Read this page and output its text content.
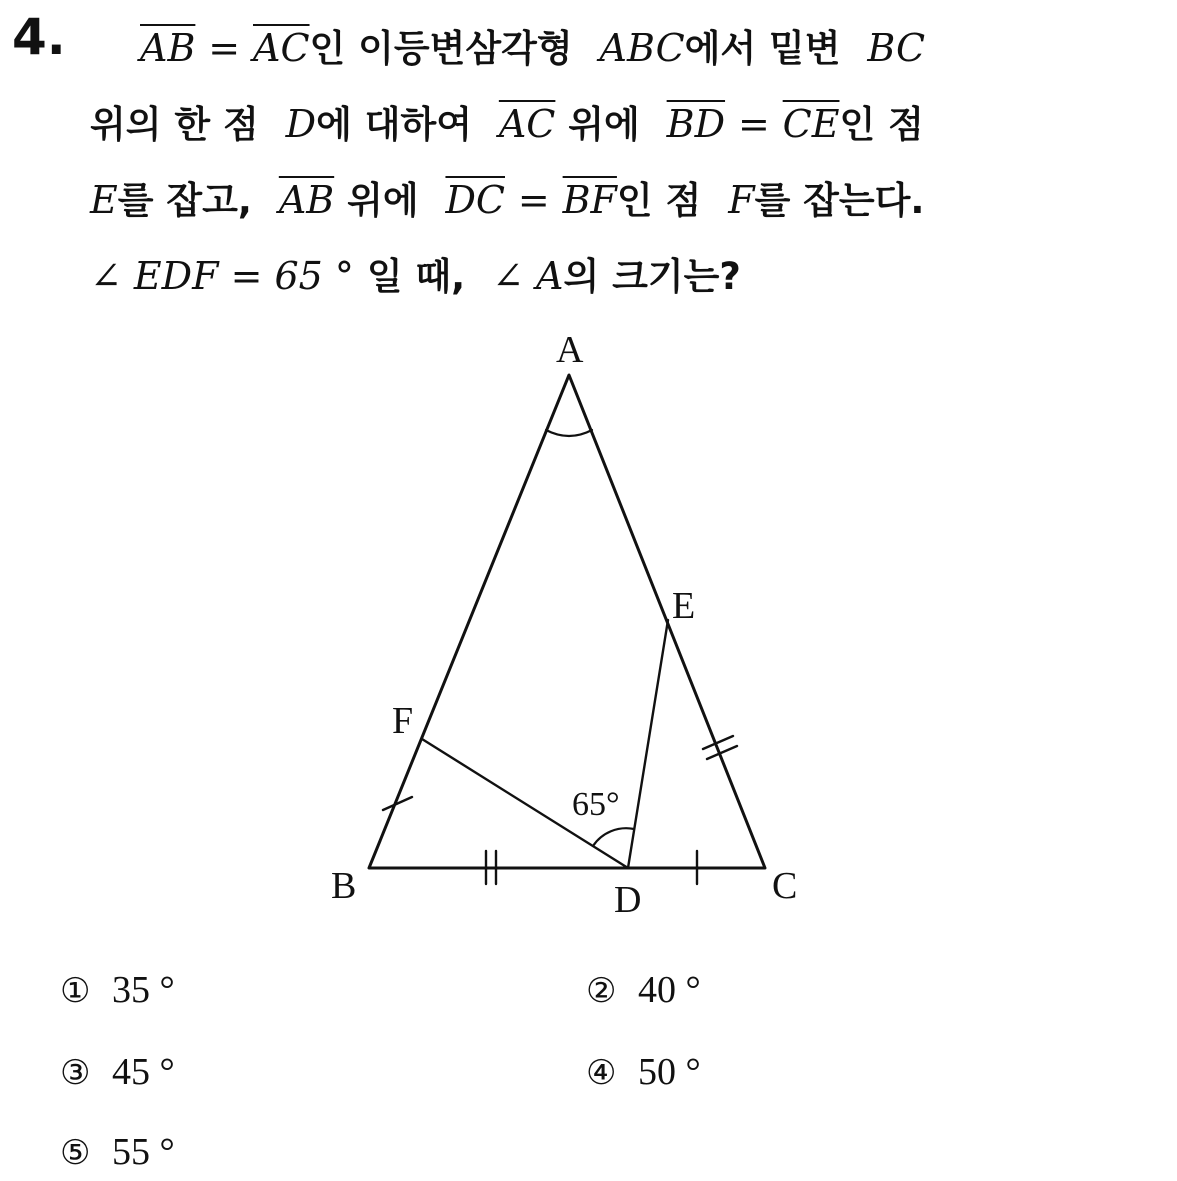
4.	$\overline{AB} = \overline{AC}$인 이등변삼각형 ABC에서 밑변 BC
위의 한 점 D에 대하여 $\overline{AC}$ 위에 $\overline{BD} = \overline{CE}$인 점
E를 잡고, $\overline{AB}$ 위에 $\overline{DC} = \overline{BF}$인 점 F를 잡는다.
∠ EDF = 65 ° 일 때, ∠ A의 크기는?
A
B	C
D
E
F
65°
① 35 °	② 40 °
③ 45 °	④ 50 °
⑤ 55 °
